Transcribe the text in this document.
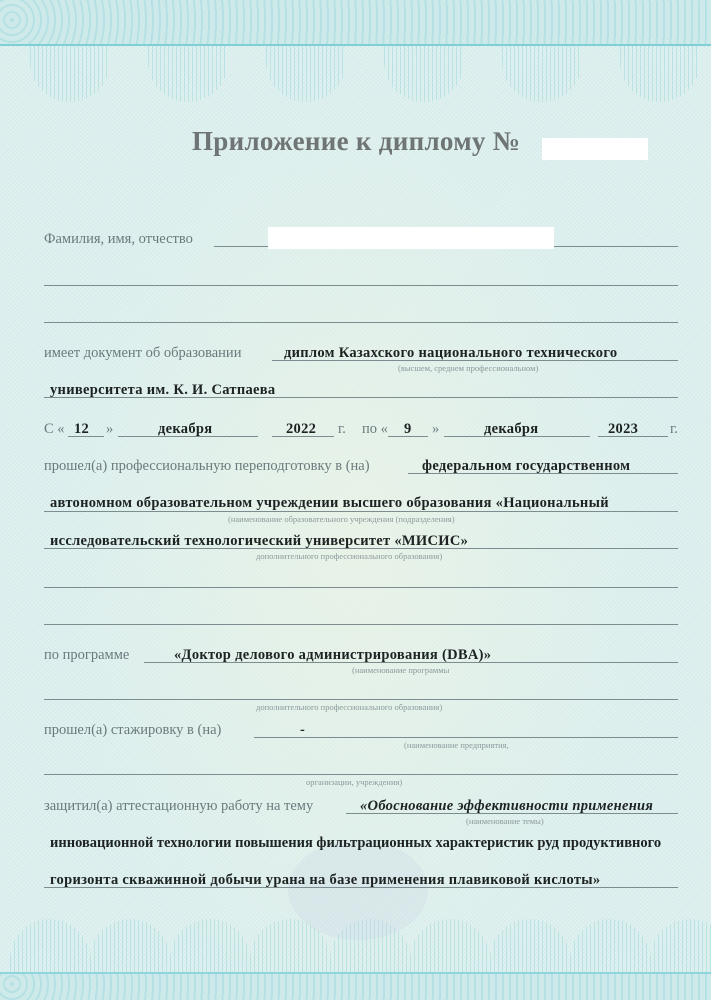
Приложение к диплому №
Фамилия, имя, отчество
имеет документ об образовании	диплом Казахского национального технического
(высшем, среднем профессиональном)
университета им. К. И. Сатпаева
С « 12 »	декабря	2022 г. по « 9 »	декабря	2023 г.
прошел(а) профессиональную переподготовку в (на)	федеральном государственном
автономном образовательном учреждении высшего образования «Национальный
(наименование образовательного учреждения (подразделения)
исследовательский технологический университет «МИСИС»
дополнительного профессионального образования)
по программе	«Доктор делового администрирования (DBA)»
(наименование программы
дополнительного профессионального образования)
прошел(а) стажировку в (на)	-
(наименование предприятия,
организации, учреждения)
защитил(а) аттестационную работу на тему	«Обоснование эффективности применения
(наименование темы)
инновационной технологии повышения фильтрационных характеристик руд продуктивного
горизонта скважинной добычи урана на базе применения плавиковой кислоты»
